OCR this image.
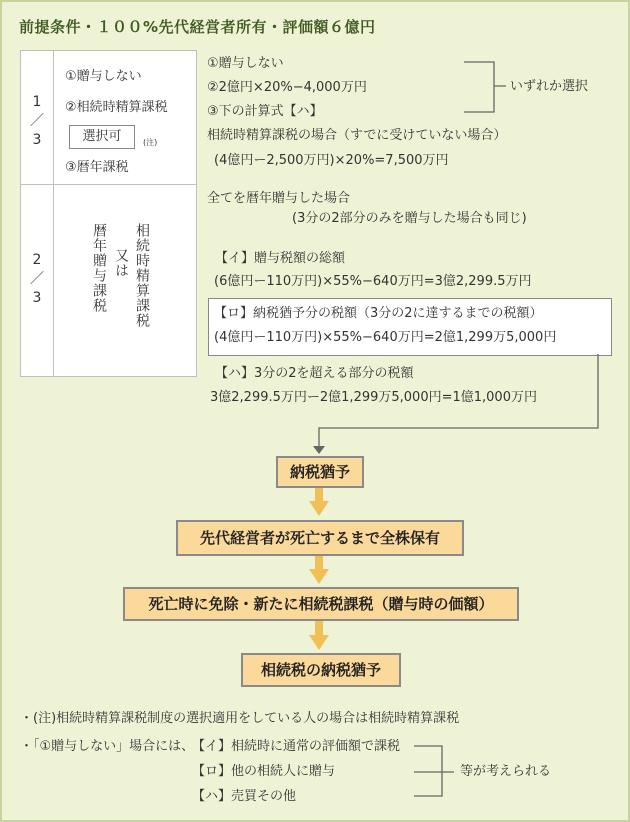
前提条件・１００%先代経営者所有・評価額６億円
1
／
3
①贈与しない
②相続時精算課税
選択可	(注)
③暦年課税
2
／
3	相続時精算課税
又は
暦年贈与課税
①贈与しない
②2億円×20%−4,000万円
③下の計算式【ハ】
いずれか選択
相続時精算課税の場合（すでに受けていない場合）
(4億円ー2,500万円)×20%=7,500万円
全てを暦年贈与した場合
(3分の2部分のみを贈与した場合も同じ)
【イ】贈与税額の総額
(6億円ー110万円)×55%−640万円=3億2,299.5万円
【ロ】納税猶予分の税額（3分の2に達するまでの税額）
(4億円ー110万円)×55%−640万円=2億1,299万5,000円
【ハ】3分の2を超える部分の税額
3億2,299.5万円ー2億1,299万5,000円=1億1,000万円
納税猶予
先代経営者が死亡するまで全株保有
死亡時に免除・新たに相続税課税（贈与時の価額）
相続税の納税猶予
・(注)相続時精算課税制度の選択適用をしている人の場合は相続時精算課税
・「①贈与しない」場合には、
【イ】相続時に通常の評価額で課税
【ロ】他の相続人に贈与
【ハ】売買その他
等が考えられる
